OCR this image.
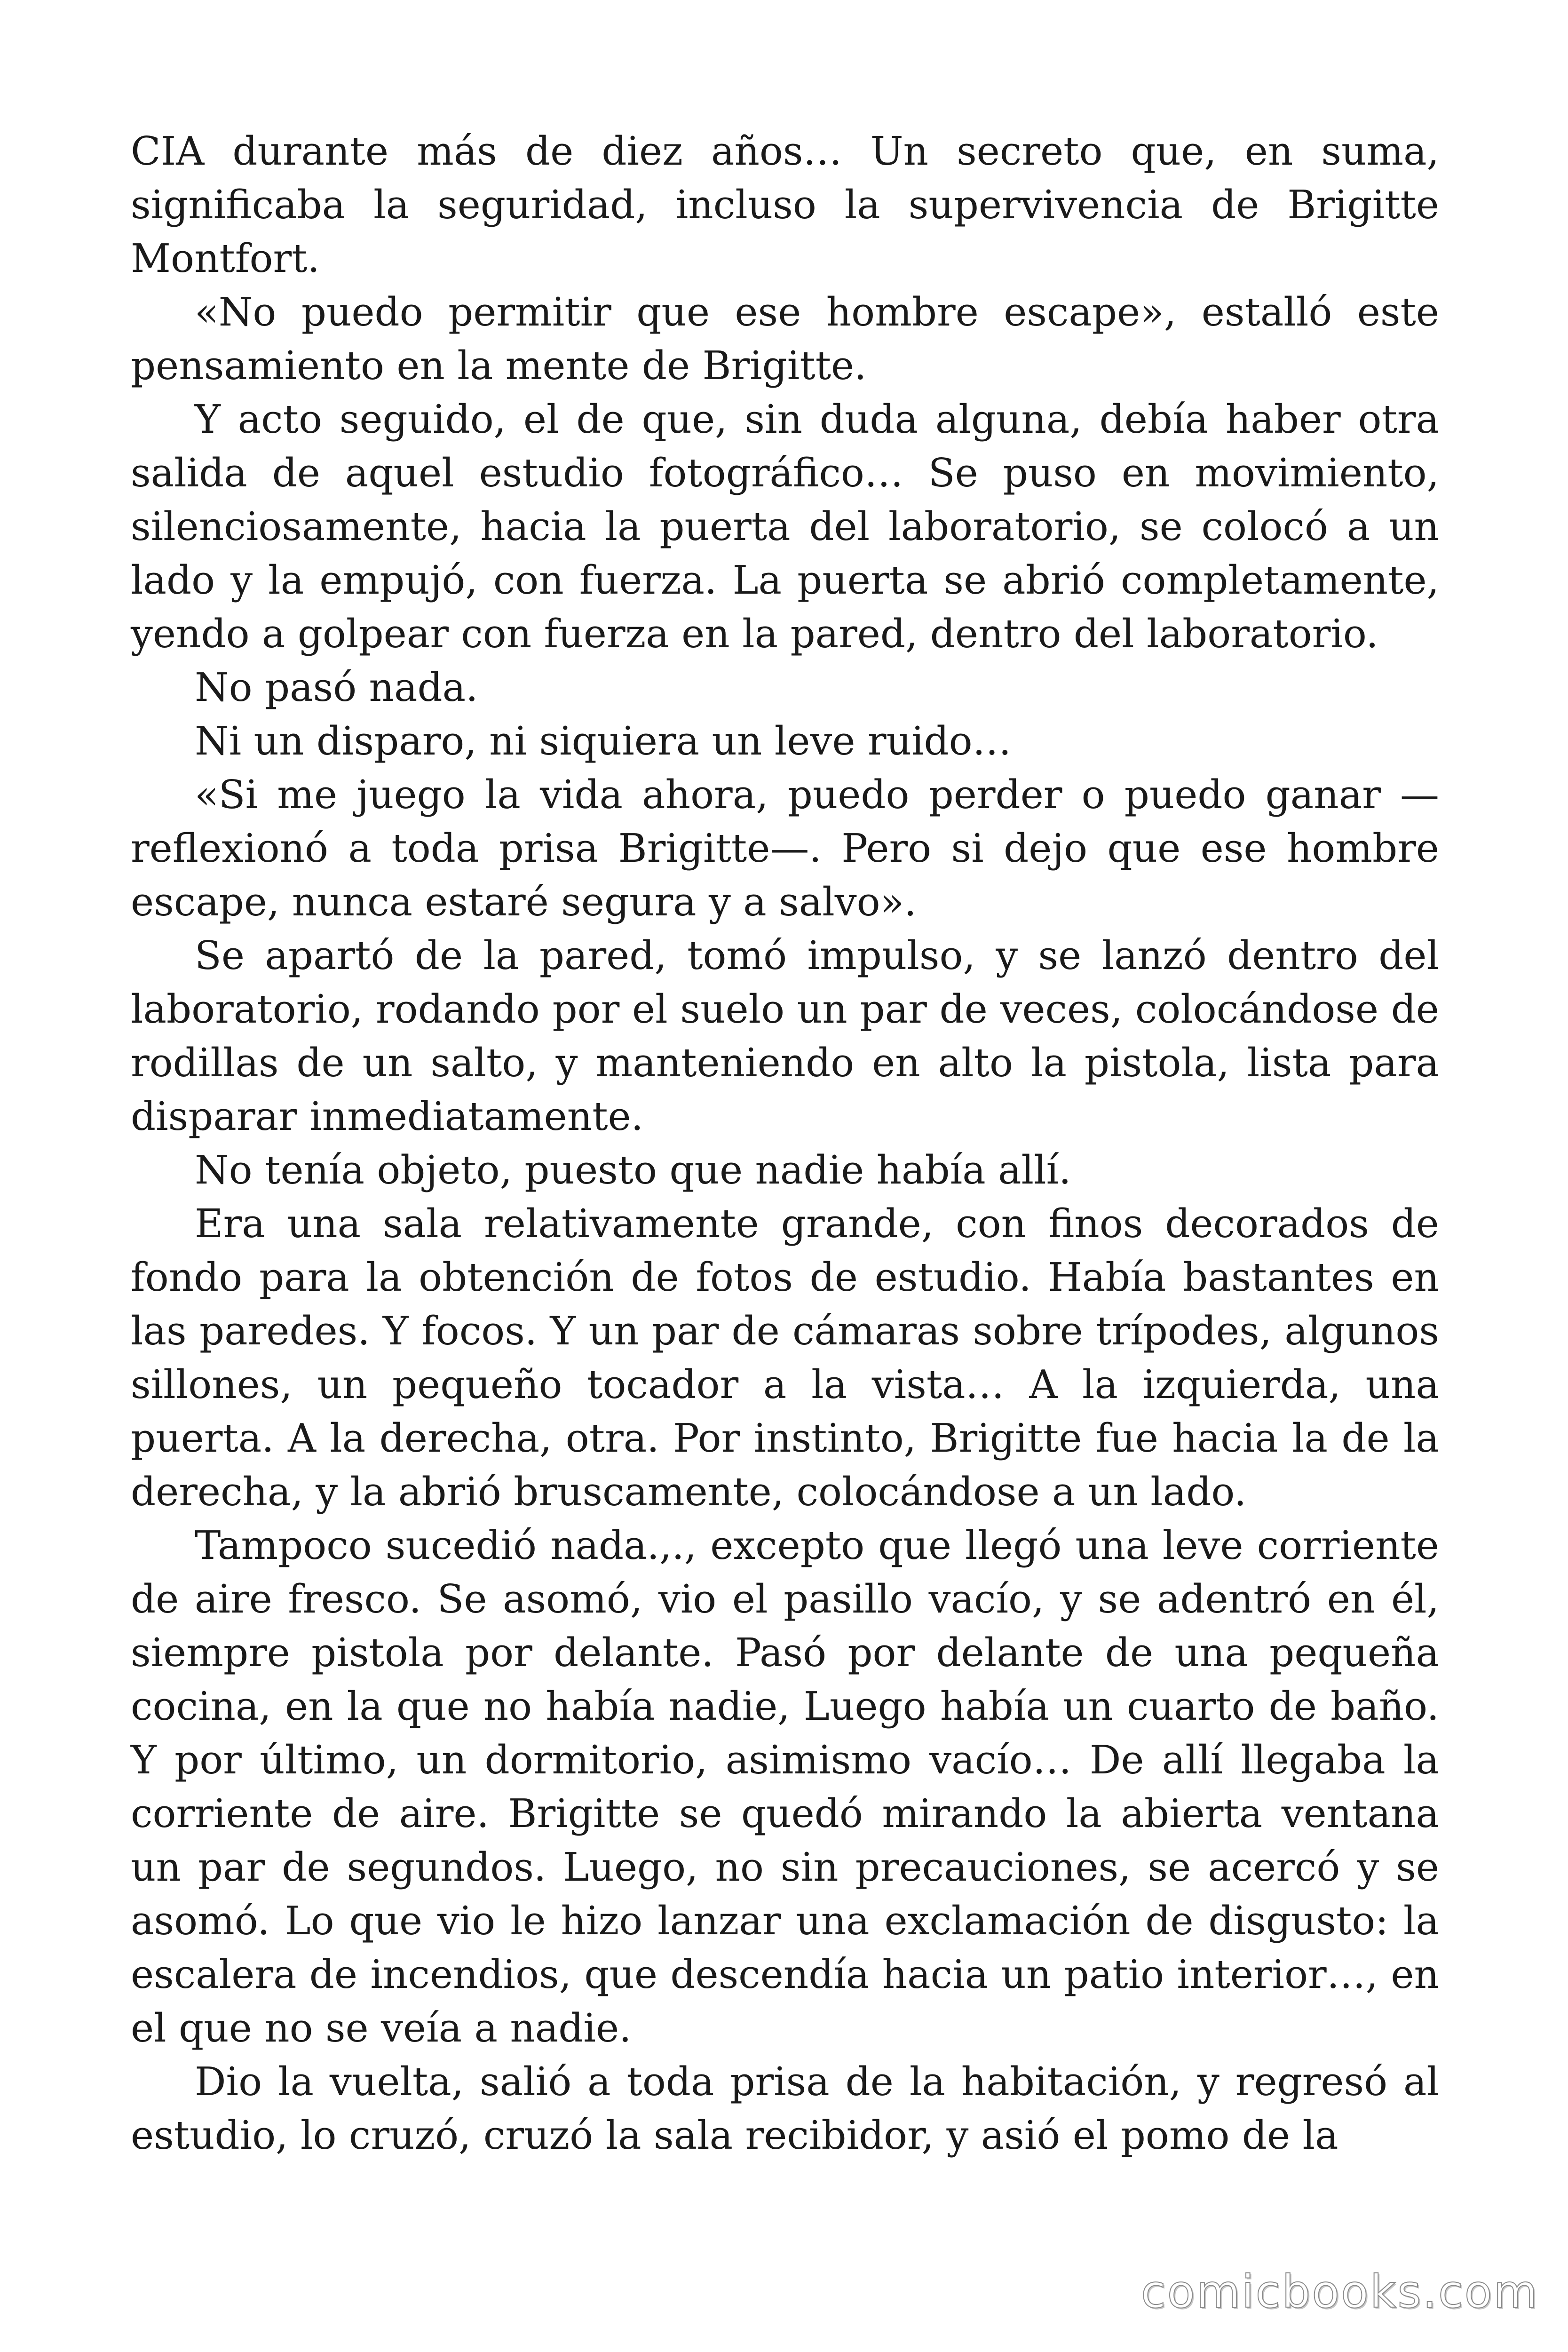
CIA durante más de diez años… Un secreto que, en suma, significaba la seguridad, incluso la supervivencia de Brigitte Montfort.

«No puedo permitir que ese hombre escape», estalló este pensamiento en la mente de Brigitte.

Y acto seguido, el de que, sin duda alguna, debía haber otra salida de aquel estudio fotográfico… Se puso en movimiento, silenciosamente, hacia la puerta del laboratorio, se colocó a un lado y la empujó, con fuerza. La puerta se abrió completamente, yendo a golpear con fuerza en la pared, dentro del laboratorio.

No pasó nada.

Ni un disparo, ni siquiera un leve ruido…

«Si me juego la vida ahora, puedo perder o puedo ganar —reflexionó a toda prisa Brigitte—. Pero si dejo que ese hombre escape, nunca estaré segura y a salvo».

Se apartó de la pared, tomó impulso, y se lanzó dentro del laboratorio, rodando por el suelo un par de veces, colocándose de rodillas de un salto, y manteniendo en alto la pistola, lista para disparar inmediatamente.

No tenía objeto, puesto que nadie había allí.

Era una sala relativamente grande, con finos decorados de fondo para la obtención de fotos de estudio. Había bastantes en las paredes. Y focos. Y un par de cámaras sobre trípodes, algunos sillones, un pequeño tocador a la vista… A la izquierda, una puerta. A la derecha, otra. Por instinto, Brigitte fue hacia la de la derecha, y la abrió bruscamente, colocándose a un lado.

Tampoco sucedió nada.,., excepto que llegó una leve corriente de aire fresco. Se asomó, vio el pasillo vacío, y se adentró en él, siempre pistola por delante. Pasó por delante de una pequeña cocina, en la que no había nadie, Luego había un cuarto de baño. Y por último, un dormitorio, asimismo vacío… De allí llegaba la corriente de aire. Brigitte se quedó mirando la abierta ventana un par de segundos. Luego, no sin precauciones, se acercó y se asomó. Lo que vio le hizo lanzar una exclamación de disgusto: la escalera de incendios, que descendía hacia un patio interior…, en el que no se veía a nadie.

Dio la vuelta, salió a toda prisa de la habitación, y regresó al estudio, lo cruzó, cruzó la sala recibidor, y asió el pomo de la

comicbooks.com
